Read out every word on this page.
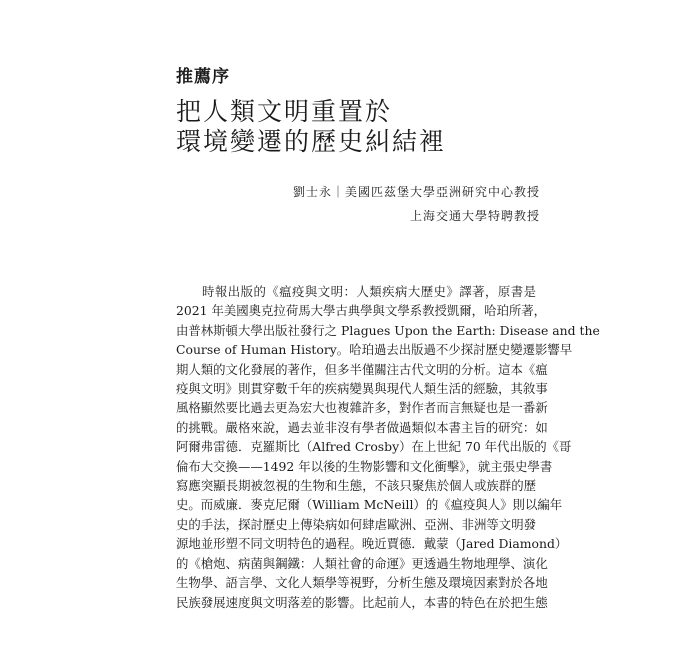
推薦序
把人類文明重置於
環境變遷的歷史糾結裡
劉士永｜美國匹茲堡大學亞洲研究中心教授
上海交通大學特聘教授
時報出版的《瘟疫與文明：人類疾病大歷史》譯著，原書是
2021 年美國奧克拉荷馬大學古典學與文學系教授凱爾，哈珀所著，
由普林斯頓大學出版社發行之 Plagues Upon the Earth: Disease and the
Course of Human History。哈珀過去出版過不少探討歷史變遷影響早
期人類的文化發展的著作，但多半僅關注古代文明的分析。這本《瘟
疫與文明》則貫穿數千年的疾病變異與現代人類生活的經驗，其敘事
風格顯然要比過去更為宏大也複雜許多，對作者而言無疑也是一番新
的挑戰。嚴格來說，過去並非沒有學者做過類似本書主旨的研究：如
阿爾弗雷德．克羅斯比（Alfred Crosby）在上世紀 70 年代出版的《哥
倫布大交換——1492 年以後的生物影響和文化衝擊》，就主張史學書
寫應突顯長期被忽視的生物和生態，不該只聚焦於個人或族群的歷
史。而威廉．麥克尼爾（William McNeill）的《瘟疫與人》則以編年
史的手法，探討歷史上傳染病如何肆虐歐洲、亞洲、非洲等文明發
源地並形塑不同文明特色的過程。晚近賈德．戴蒙（Jared Diamond）
的《槍炮、病菌與鋼鐵：人類社會的命運》更透過生物地理學、演化
生物學、語言學、文化人類學等視野，分析生態及環境因素對於各地
民族發展速度與文明落差的影響。比起前人，本書的特色在於把生態
